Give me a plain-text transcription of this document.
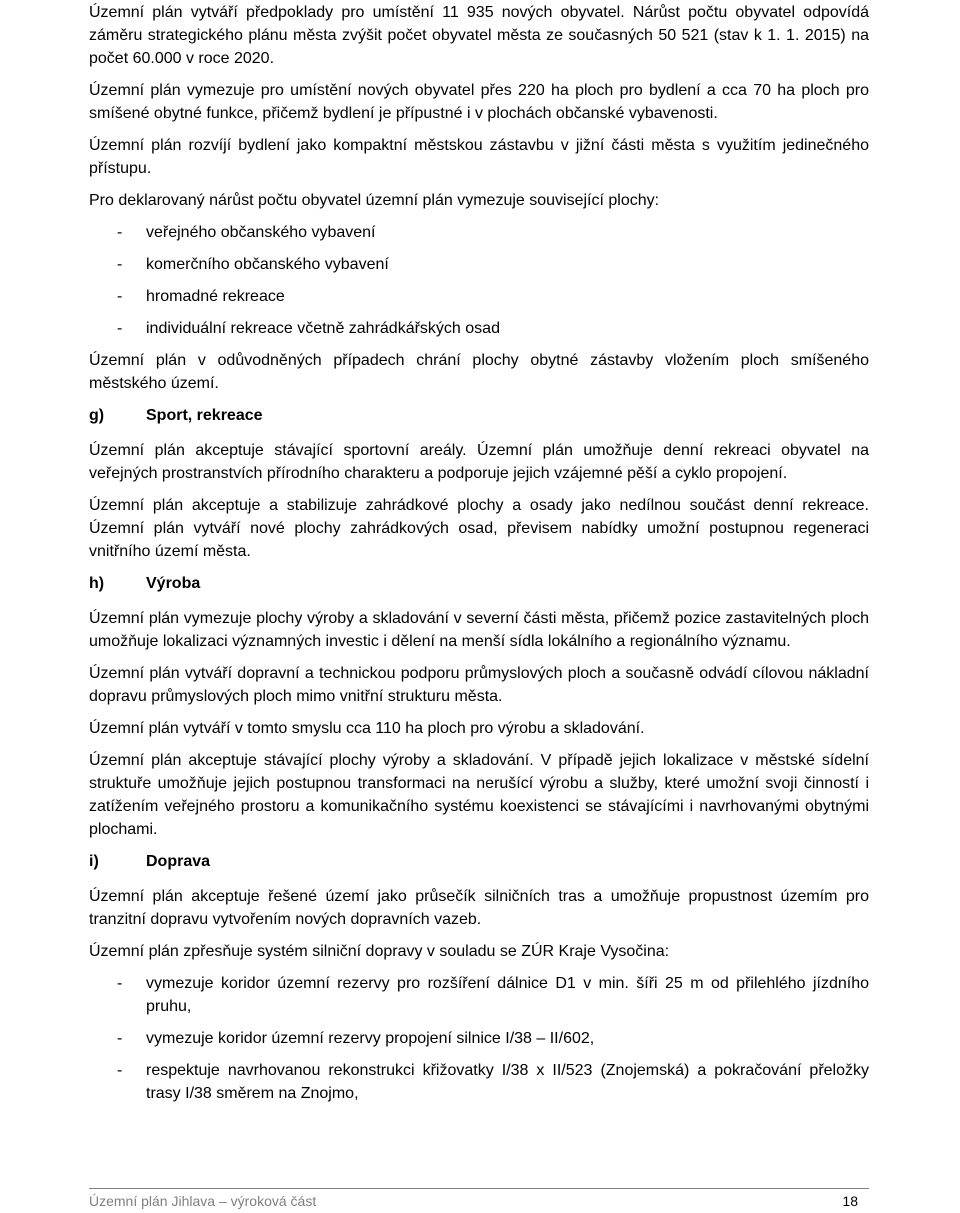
Územní plán vytváří předpoklady pro umístění 11 935 nových obyvatel. Nárůst počtu obyvatel odpovídá záměru strategického plánu města zvýšit počet obyvatel města ze současných 50 521 (stav k 1. 1. 2015) na počet 60.000 v roce 2020.

Územní plán vymezuje pro umístění nových obyvatel přes 220 ha ploch pro bydlení a cca 70 ha ploch pro smíšené obytné funkce, přičemž bydlení je přípustné i v plochách občanské vybavenosti.

Územní plán rozvíjí bydlení jako kompaktní městskou zástavbu v jižní části města s využitím jedinečného přístupu.

Pro deklarovaný nárůst počtu obyvatel územní plán vymezuje související plochy:

-	veřejného občanského vybavení
-	komerčního občanského vybavení
-	hromadné rekreace
-	individuální rekreace včetně zahrádkářských osad

Územní plán v odůvodněných případech chrání plochy obytné zástavby vložením ploch smíšeného městského území.

g)	Sport, rekreace

Územní plán akceptuje stávající sportovní areály. Územní plán umožňuje denní rekreaci obyvatel na veřejných prostranstvích přírodního charakteru a podporuje jejich vzájemné pěší a cyklo propojení.

Územní plán akceptuje a stabilizuje zahrádkové plochy a osady jako nedílnou součást denní rekreace. Územní plán vytváří nové plochy zahrádkových osad, převisem nabídky umožní postupnou regeneraci vnitřního území města.

h)	Výroba

Územní plán vymezuje plochy výroby a skladování v severní části města, přičemž pozice zastavitelných ploch umožňuje lokalizaci významných investic i dělení na menší sídla lokálního a regionálního významu.

Územní plán vytváří dopravní a technickou podporu průmyslových ploch a současně odvádí cílovou nákladní dopravu průmyslových ploch mimo vnitřní strukturu města.

Územní plán vytváří v tomto smyslu cca 110 ha ploch pro výrobu a skladování.

Územní plán akceptuje stávající plochy výroby a skladování. V případě jejich lokalizace v městské sídelní struktuře umožňuje jejich postupnou transformaci na nerušící výrobu a služby, které umožní svoji činností i zatížením veřejného prostoru a komunikačního systému koexistenci se stávajícími i navrhovanými obytnými plochami.

i)	Doprava

Územní plán akceptuje řešené území jako průsečík silničních tras a umožňuje propustnost územím pro tranzitní dopravu vytvořením nových dopravních vazeb.

Územní plán zpřesňuje systém silniční dopravy v souladu se ZÚR Kraje Vysočina:

-	vymezuje koridor územní rezervy pro rozšíření dálnice D1 v min. šíři 25 m od přilehlého jízdního pruhu,
-	vymezuje koridor územní rezervy propojení silnice I/38 – II/602,
-	respektuje navrhovanou rekonstrukci křižovatky I/38 x II/523 (Znojemská) a pokračování přeložky trasy I/38 směrem na Znojmo,
Územní plán Jihlava – výroková část	18
